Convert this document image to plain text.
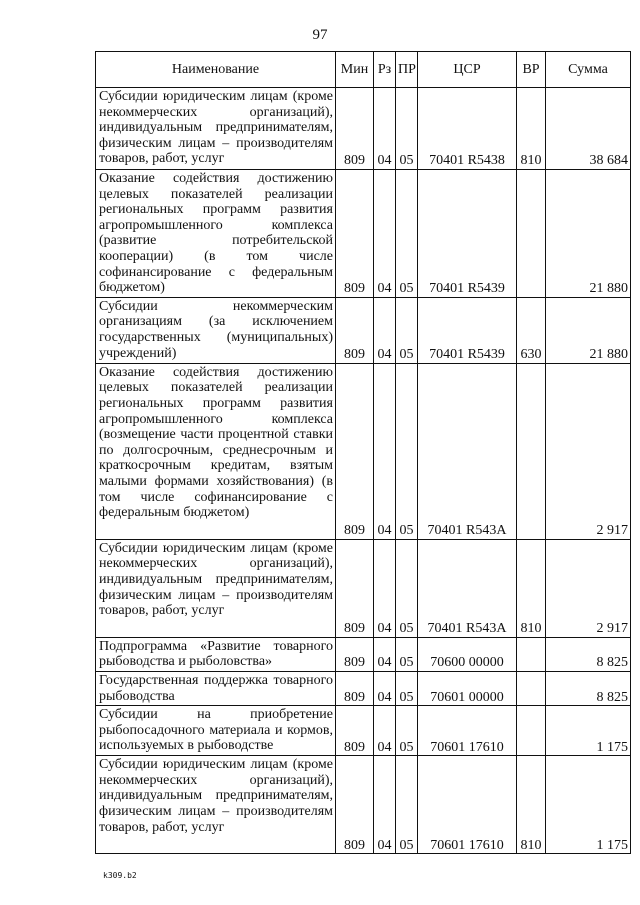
97
Наименование	Мин	Рз	ПР	ЦСР	ВР	Сумма
Субсидии юридическим лицам (кроме некоммерческих организаций), индивидуальным предпринимателям, физическим лицам – производителям товаров, работ, услуг	809	04	05	70401 R5438	810	38 684
Оказание содействия достижению целевых показателей реализации региональных программ развития агропромышленного комплекса (развитие потребительской кооперации) (в том числе софинансирование с федеральным бюджетом)	809	04	05	70401 R5439		21 880
Субсидии некоммерческим организациям (за исключением государственных (муниципальных) учреждений)	809	04	05	70401 R5439	630	21 880
Оказание содействия достижению целевых показателей реализации региональных программ развития агропромышленного комплекса (возмещение части процентной ставки по долгосрочным, среднесрочным и краткосрочным кредитам, взятым малыми формами хозяйствования) (в том числе софинансирование с федеральным бюджетом)	809	04	05	70401 R543A		2 917
Субсидии юридическим лицам (кроме некоммерческих организаций), индивидуальным предпринимателям, физическим лицам – производителям товаров, работ, услуг	809	04	05	70401 R543A	810	2 917
Подпрограмма «Развитие товарного рыбоводства и рыболовства»	809	04	05	70600 00000		8 825
Государственная поддержка товарного рыбоводства	809	04	05	70601 00000		8 825
Субсидии на приобретение рыбопосадочного материала и кормов, используемых в рыбоводстве	809	04	05	70601 17610		1 175
Субсидии юридическим лицам (кроме некоммерческих организаций), индивидуальным предпринимателям, физическим лицам – производителям товаров, работ, услуг	809	04	05	70601 17610	810	1 175
k309.b2
